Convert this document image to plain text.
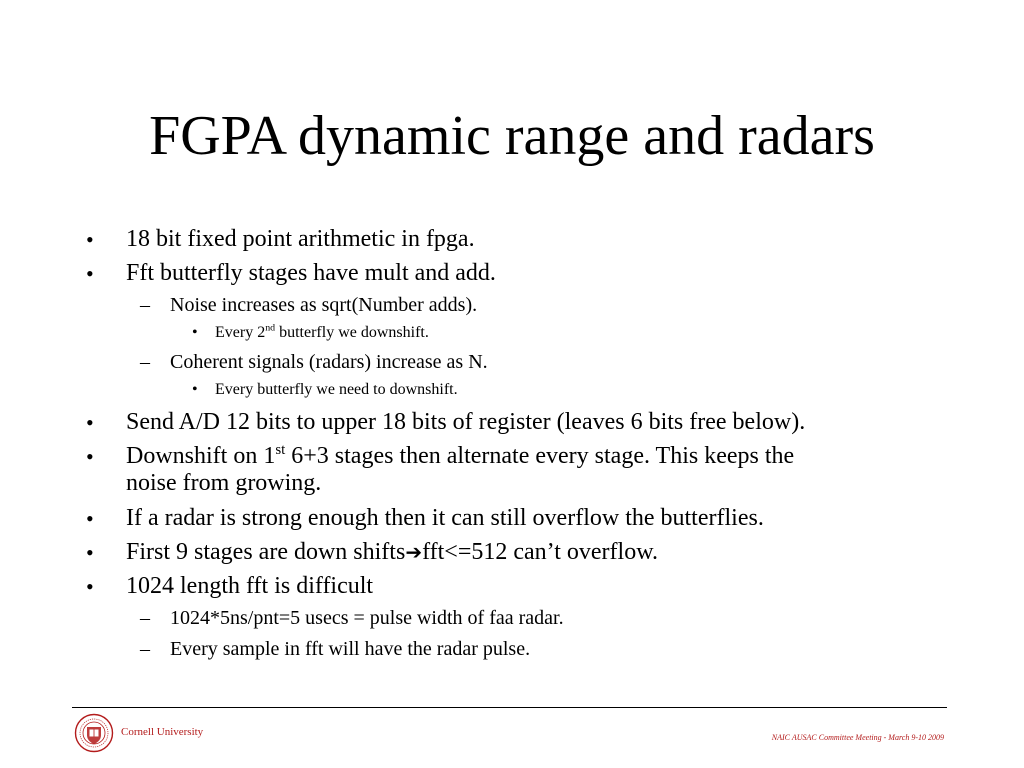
FGPA dynamic range and radars
•
•
–
•
–
•
•
•
•
•
•
–
–
18 bit fixed point arithmetic in fpga.
Fft butterfly stages have mult and add.
Noise increases as sqrt(Number adds).
Every 2nd butterfly we downshift.
Coherent signals (radars) increase as N.
Every butterfly we need to downshift.
Send A/D 12 bits to upper 18 bits of register (leaves 6 bits free below).
Downshift on 1st 6+3 stages then alternate every stage. This keeps the
noise from growing.
If a radar is strong enough then it can still overflow the butterflies.
First 9 stages are down shifts➔fft<=512 can’t overflow.
1024 length fft is difficult
1024*5ns/pnt=5 usecs = pulse width of faa radar.
Every sample in fft will have the radar pulse.
Cornell University	NAIC AUSAC Committee Meeting - March 9-10 2009
